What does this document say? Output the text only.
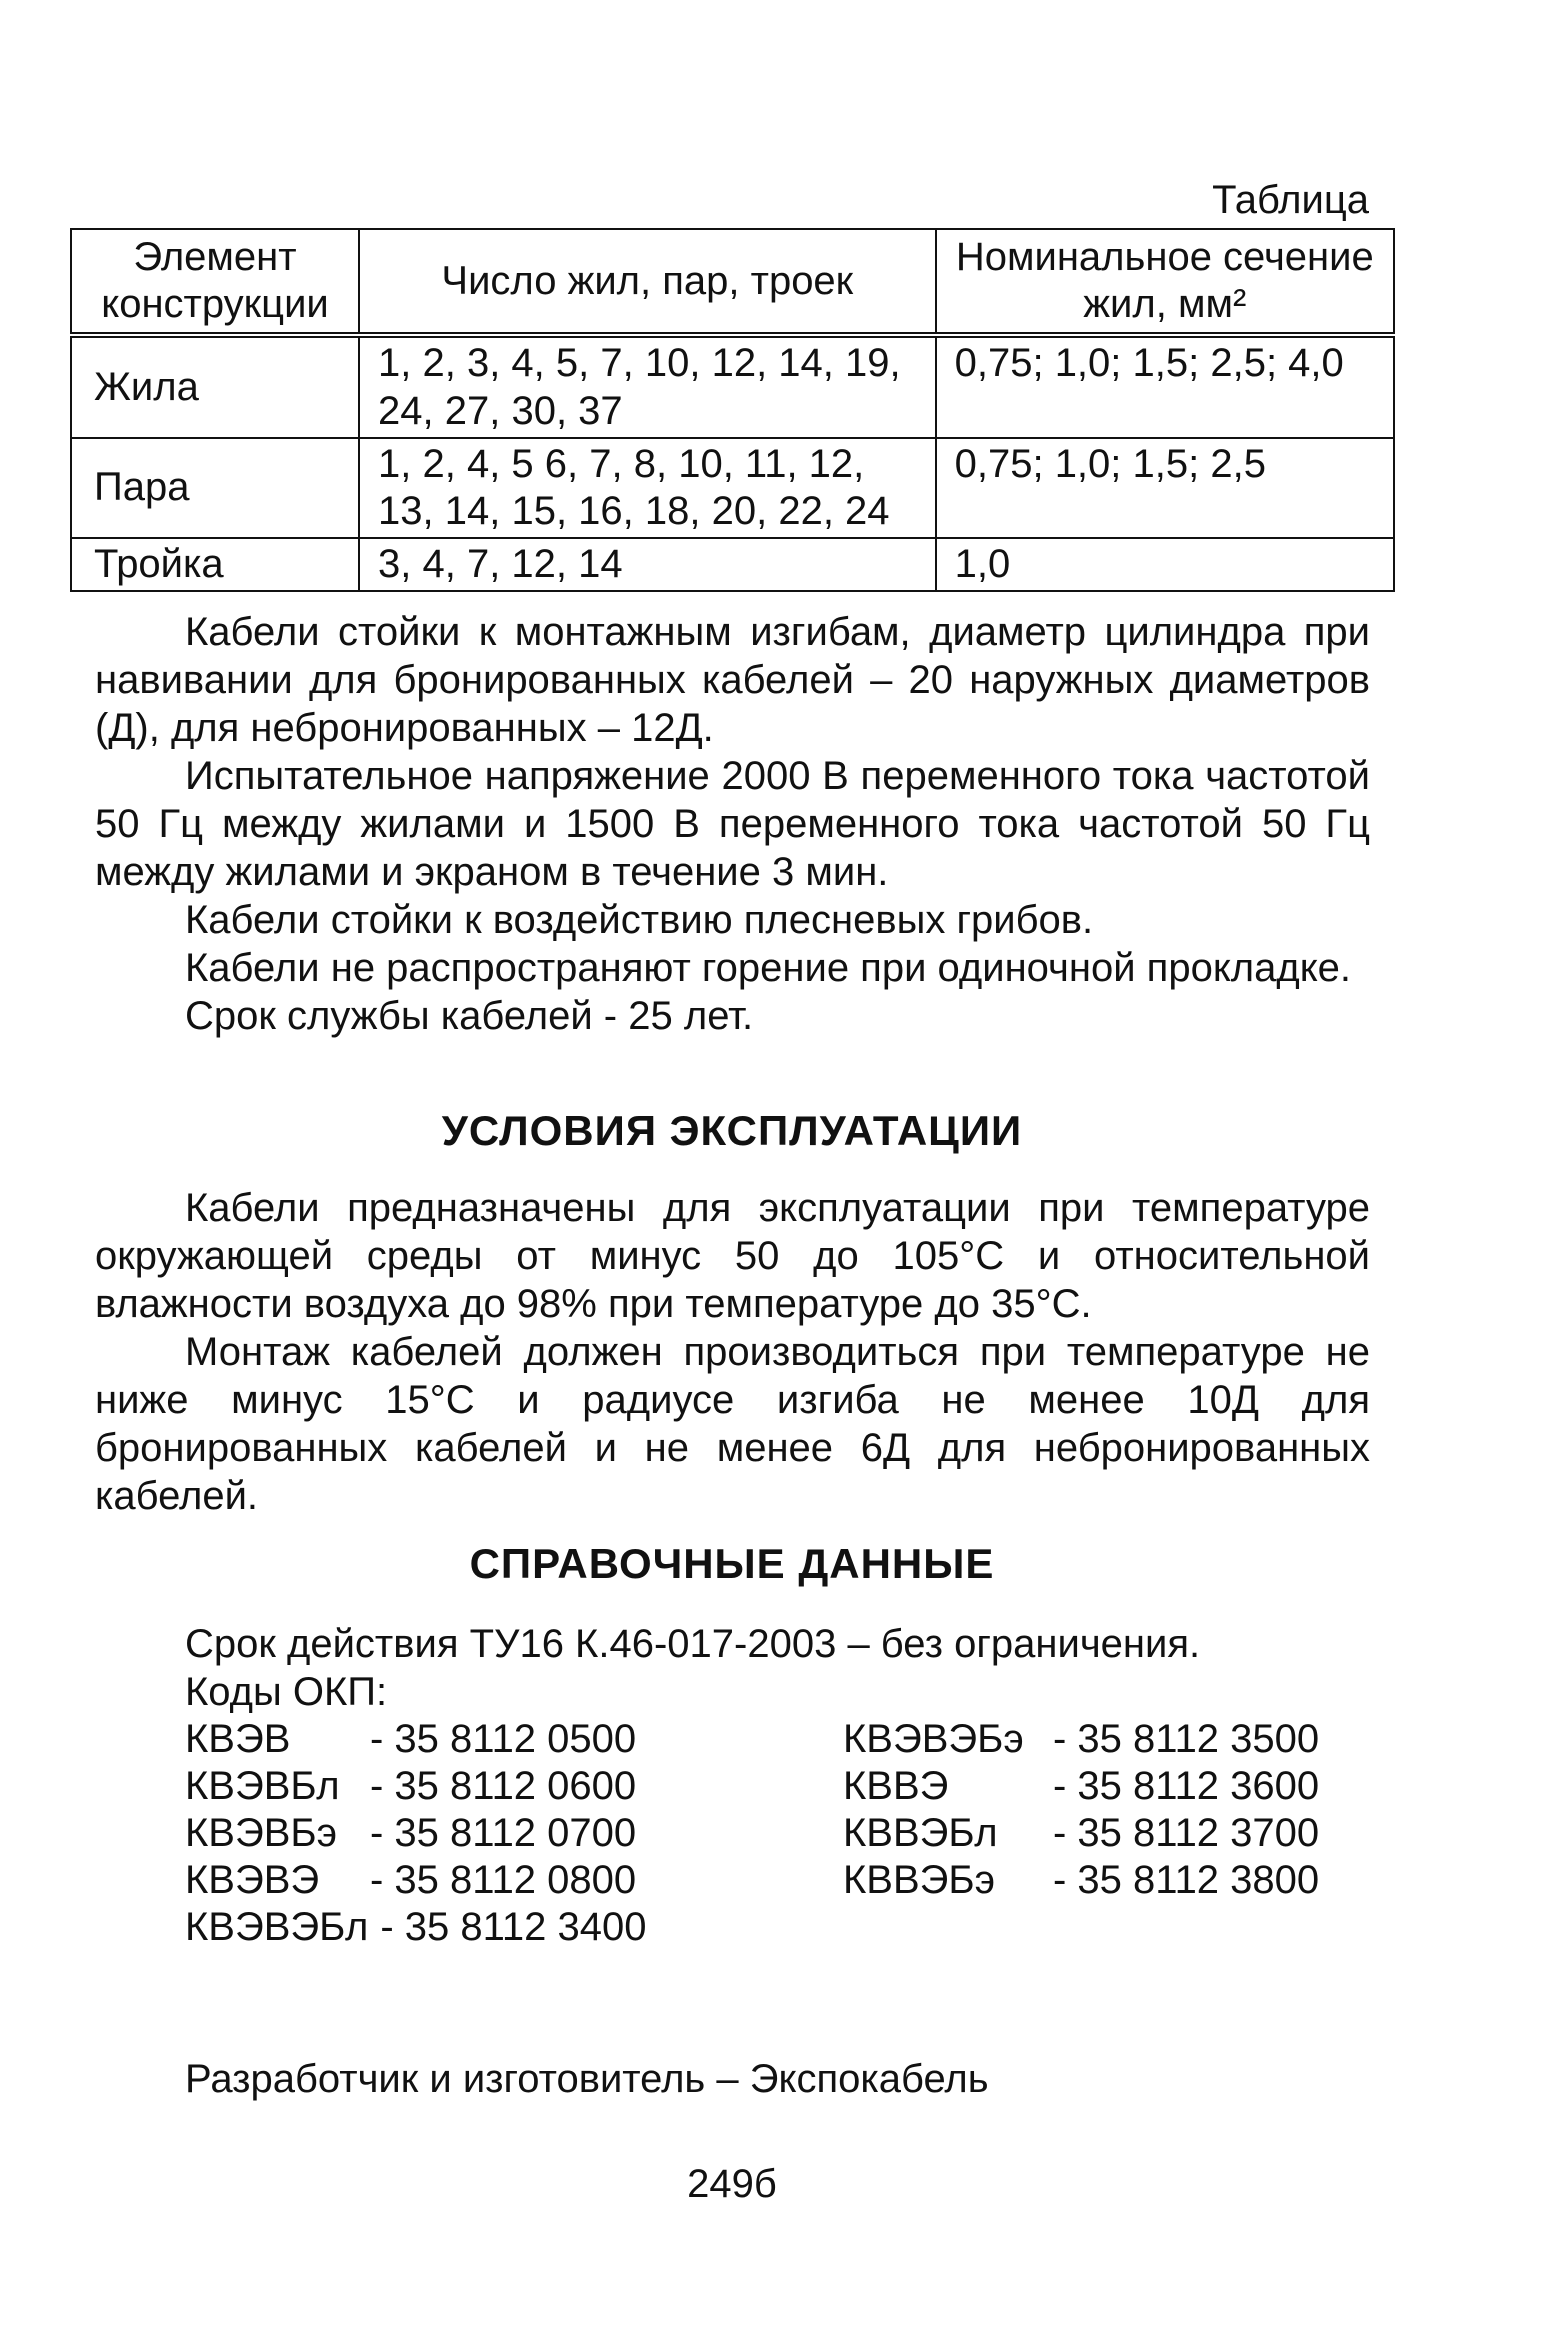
Таблица
Элемент конструкции	Число жил, пар, троек	Номинальное сечение жил, мм²
Жила	1, 2, 3, 4, 5, 7, 10, 12, 14, 19, 24, 27, 30, 37	0,75; 1,0; 1,5; 2,5; 4,0
Пара	1, 2, 4, 5 6, 7, 8, 10, 11, 12, 13, 14, 15, 16, 18, 20, 22, 24	0,75; 1,0; 1,5; 2,5
Тройка	3, 4, 7, 12, 14	1,0

Кабели стойки к монтажным изгибам, диаметр цилиндра при навивании для бронированных кабелей – 20 наружных диаметров (Д), для небронированных – 12Д.

Испытательное напряжение 2000 В переменного тока частотой 50 Гц между жилами и 1500 В переменного тока частотой 50 Гц между жилами и экраном в течение 3 мин.

Кабели стойки к воздействию плесневых грибов.

Кабели не распространяют горение при одиночной прокладке.

Срок службы кабелей - 25 лет.

УСЛОВИЯ ЭКСПЛУАТАЦИИ

Кабели предназначены для эксплуатации при температуре окружающей среды от минус 50 до 105°С и относительной влажности воздуха до 98% при температуре до 35°С.

Монтаж кабелей должен производиться при температуре не ниже минус 15°С и радиусе изгиба не менее 10Д для бронированных кабелей и не менее 6Д для небронированных кабелей.

СПРАВОЧНЫЕ ДАННЫЕ
Срок действия ТУ16 К.46-017-2003 – без ограничения.
Коды ОКП:
КВЭВ - 35 8112 0500
КВЭВБл - 35 8112 0600
КВЭВБэ - 35 8112 0700
КВЭВЭ - 35 8112 0800
КВЭВЭБл - 35 8112 3400
КВЭВЭБэ - 35 8112 3500
КВВЭ	- 35 8112 3600
КВВЭБл - 35 8112 3700
КВВЭБэ - 35 8112 3800
Разработчик и изготовитель – Экспокабель
249б
